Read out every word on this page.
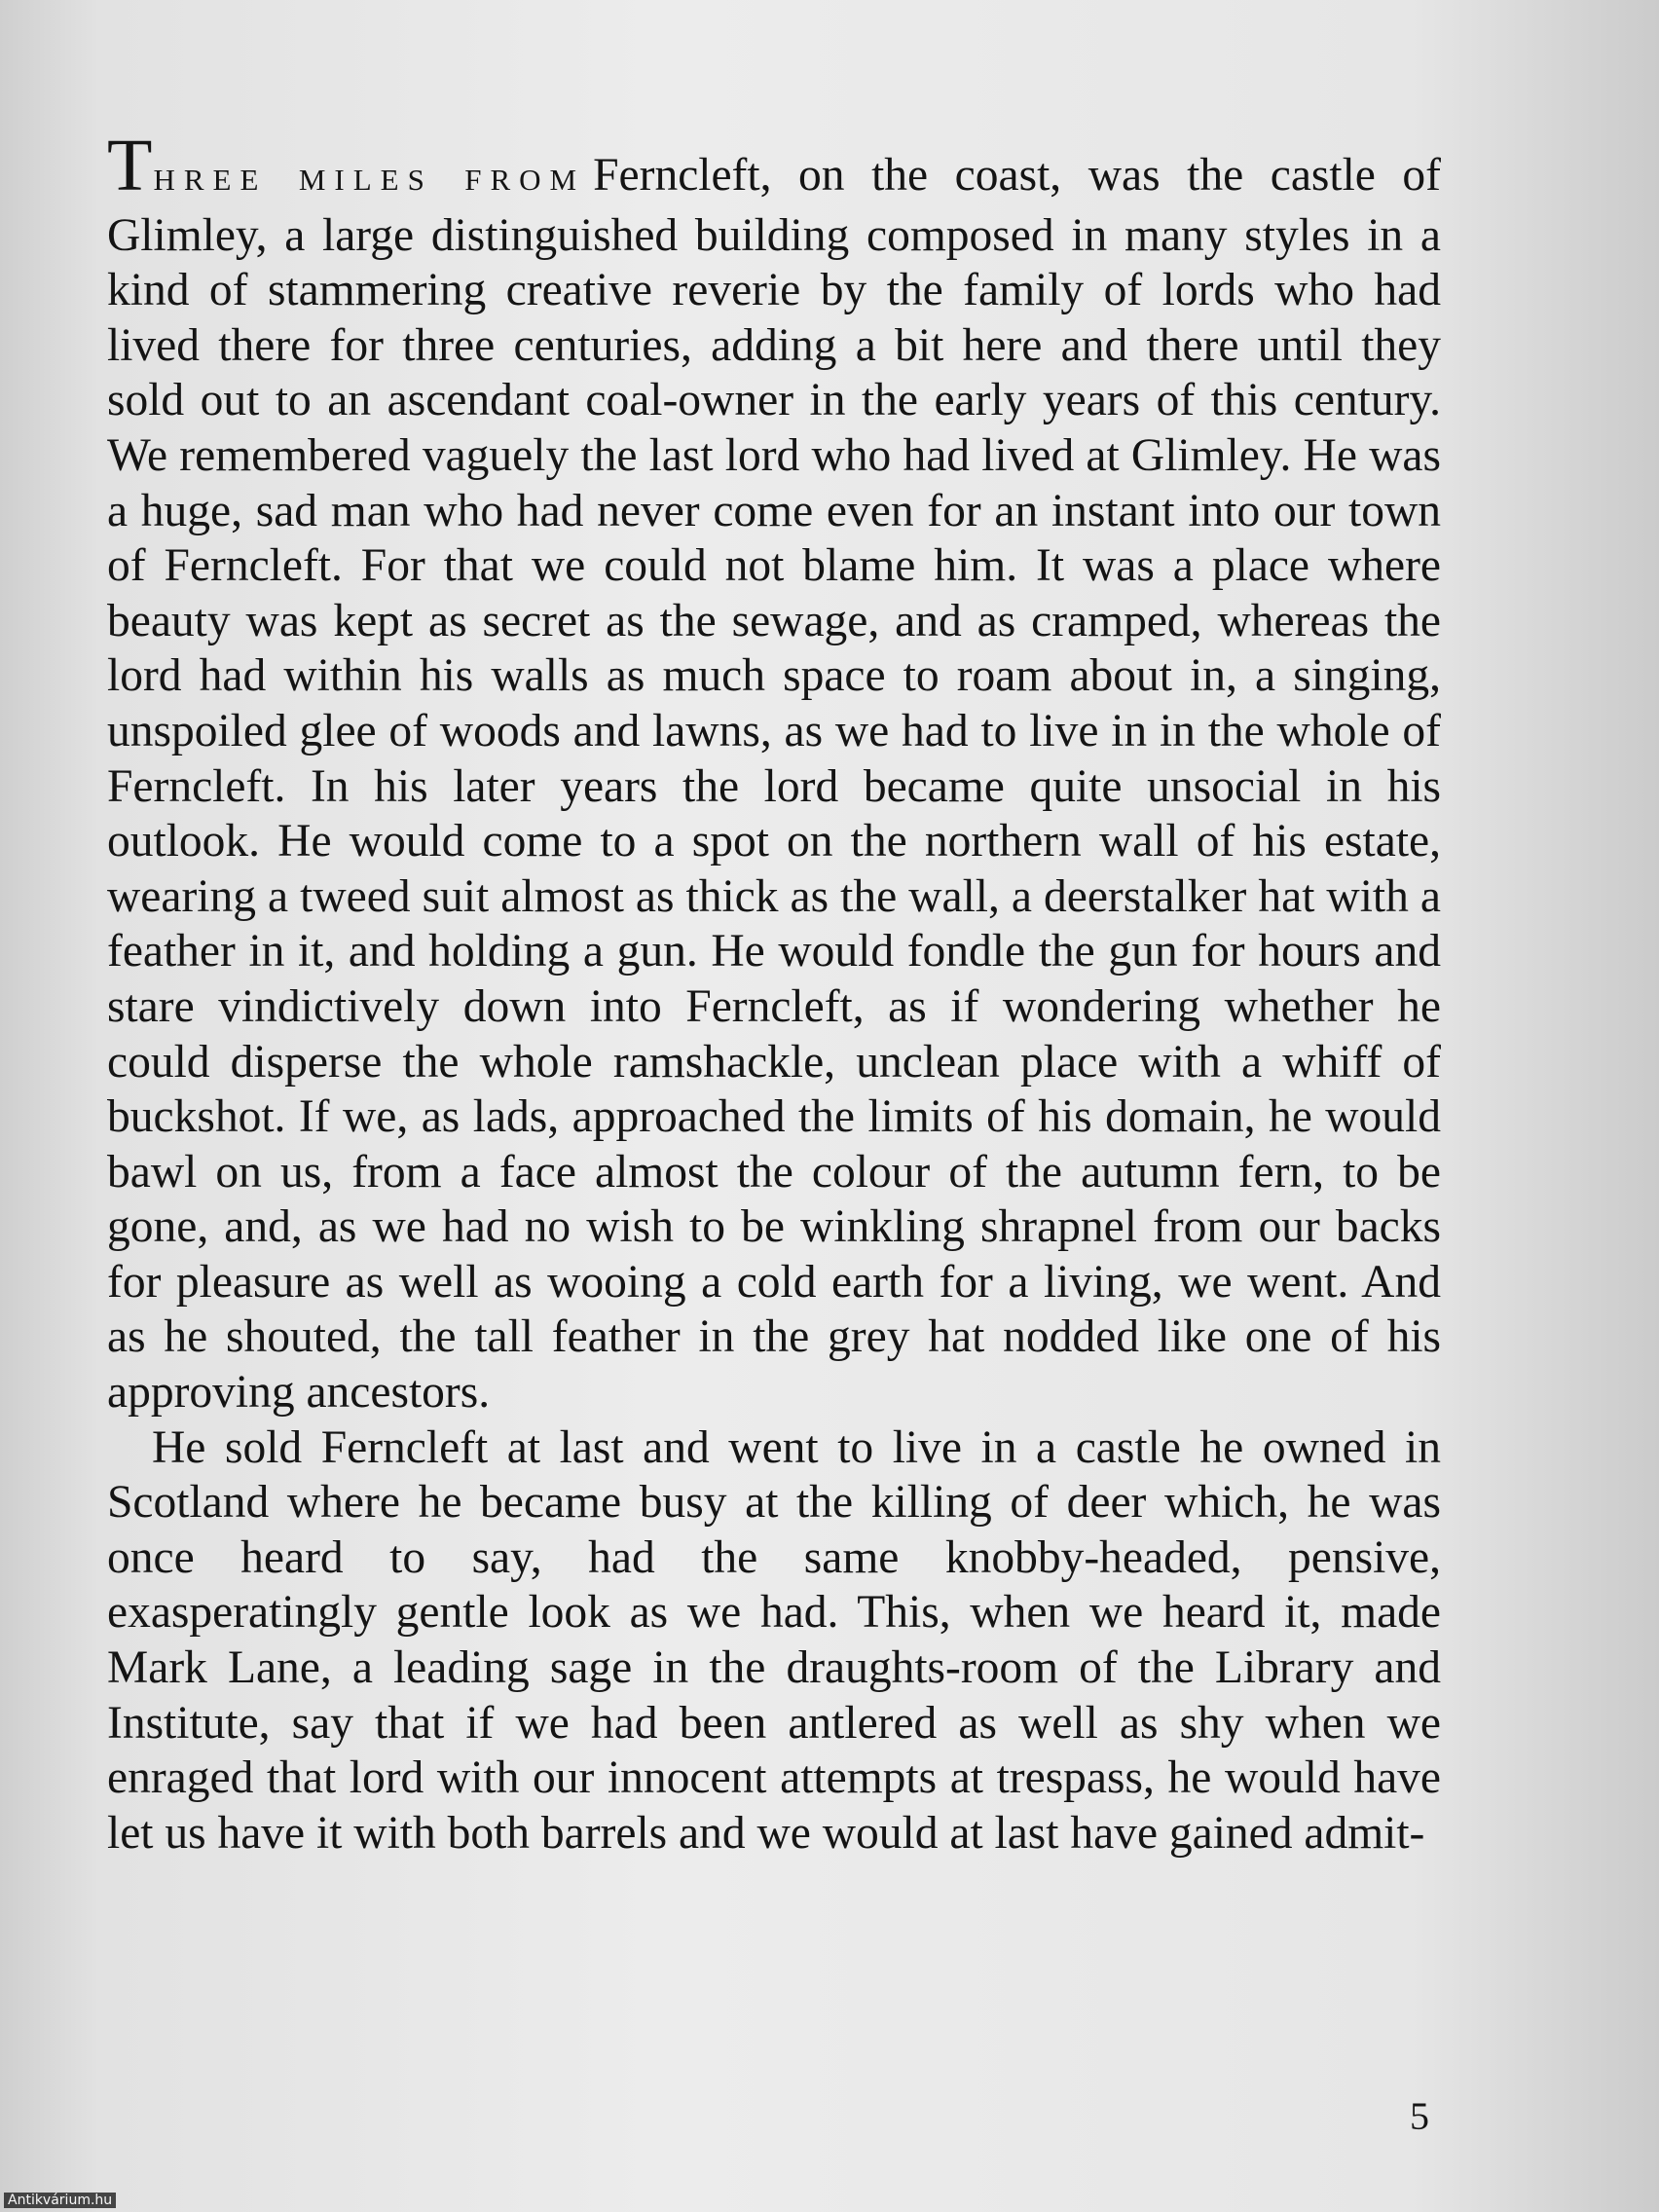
THREE MILES FROM Ferncleft, on the coast, was the castle of Glimley, a large distinguished building composed in many styles in a kind of stammering creative reverie by the family of lords who had lived there for three centuries, adding a bit here and there until they sold out to an ascendant coal-owner in the early years of this century. We remembered vaguely the last lord who had lived at Glimley. He was a huge, sad man who had never come even for an instant into our town of Ferncleft. For that we could not blame him. It was a place where beauty was kept as secret as the sewage, and as cramped, whereas the lord had within his walls as much space to roam about in, a singing, unspoiled glee of woods and lawns, as we had to live in in the whole of Ferncleft. In his later years the lord became quite unsocial in his outlook. He would come to a spot on the northern wall of his estate, wearing a tweed suit almost as thick as the wall, a deerstalker hat with a feather in it, and holding a gun. He would fondle the gun for hours and stare vindictively down into Ferncleft, as if wondering whether he could disperse the whole ramshackle, unclean place with a whiff of buckshot. If we, as lads, approached the limits of his domain, he would bawl on us, from a face almost the colour of the autumn fern, to be gone, and, as we had no wish to be winkling shrapnel from our backs for pleasure as well as wooing a cold earth for a living, we went. And as he shouted, the tall feather in the grey hat nodded like one of his approving ancestors.

He sold Ferncleft at last and went to live in a castle he owned in Scotland where he became busy at the killing of deer which, he was once heard to say, had the same knobby-headed, pensive, exasperatingly gentle look as we had. This, when we heard it, made Mark Lane, a leading sage in the draughts-room of the Library and Institute, say that if we had been antlered as well as shy when we enraged that lord with our innocent attempts at trespass, he would have let us have it with both barrels and we would at last have gained admit-

5
Antikvárium.hu
